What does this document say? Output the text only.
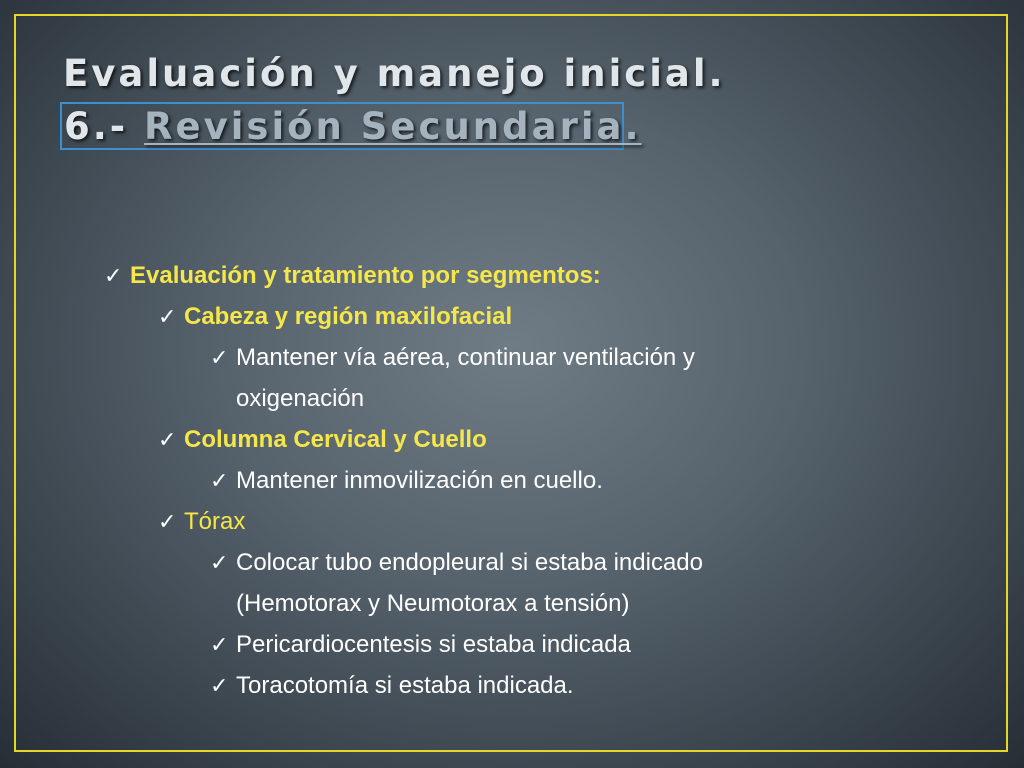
Evaluación y manejo inicial.
6.- Revisión Secundaria.
✓ Evaluación y tratamiento por segmentos:
✓ Cabeza y región maxilofacial
✓ Mantener vía aérea, continuar ventilación y
oxigenación
✓ Columna Cervical y Cuello
✓ Mantener inmovilización en cuello.
✓ Tórax
✓ Colocar tubo endopleural si estaba indicado
(Hemotorax y Neumotorax a tensión)
✓ Pericardiocentesis si estaba indicada
✓ Toracotomía si estaba indicada.
